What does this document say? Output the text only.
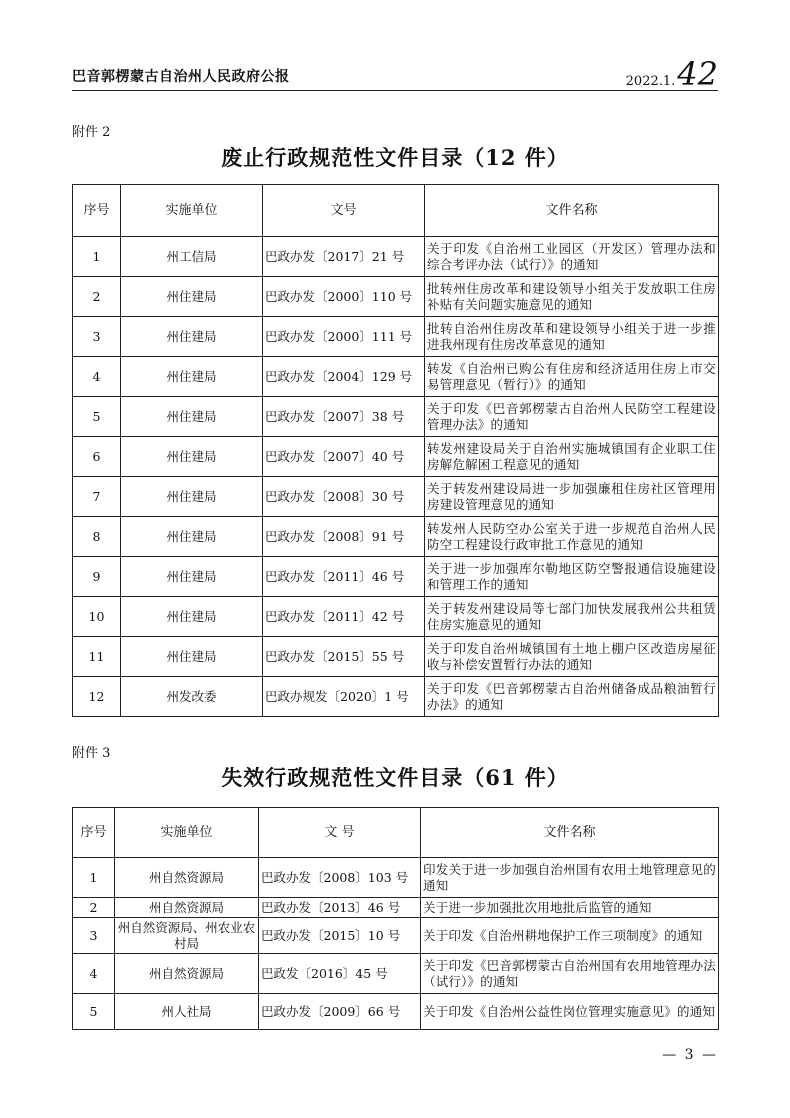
巴音郭楞蒙古自治州人民政府公报	2022.1.42
附件 2
废止行政规范性文件目录（12 件）
序号	实施单位	文号	文件名称
1	州工信局	巴政办发〔2017〕21 号	关于印发《自治州工业园区（开发区）管理办法和综合考评办法（试行）》的通知
2	州住建局	巴政办发〔2000〕110 号	批转州住房改革和建设领导小组关于发放职工住房补贴有关问题实施意见的通知
3	州住建局	巴政办发〔2000〕111 号	批转自治州住房改革和建设领导小组关于进一步推进我州现有住房改革意见的通知
4	州住建局	巴政办发〔2004〕129 号	转发《自治州已购公有住房和经济适用住房上市交易管理意见（暂行）》的通知
5	州住建局	巴政办发〔2007〕38 号	关于印发《巴音郭楞蒙古自治州人民防空工程建设管理办法》的通知
6	州住建局	巴政办发〔2007〕40 号	转发州建设局关于自治州实施城镇国有企业职工住房解危解困工程意见的通知
7	州住建局	巴政办发〔2008〕30 号	关于转发州建设局进一步加强廉租住房社区管理用房建设管理意见的通知
8	州住建局	巴政办发〔2008〕91 号	转发州人民防空办公室关于进一步规范自治州人民防空工程建设行政审批工作意见的通知
9	州住建局	巴政办发〔2011〕46 号	关于进一步加强库尔勒地区防空警报通信设施建设和管理工作的通知
10	州住建局	巴政办发〔2011〕42 号	关于转发州建设局等七部门加快发展我州公共租赁住房实施意见的通知
11	州住建局	巴政办发〔2015〕55 号	关于印发自治州城镇国有土地上棚户区改造房屋征收与补偿安置暂行办法的通知
12	州发改委	巴政办规发〔2020〕1 号	关于印发《巴音郭楞蒙古自治州储备成品粮油暂行办法》的通知
附件 3
失效行政规范性文件目录（61 件）
序号	实施单位	文 号	文件名称
1	州自然资源局	巴政办发〔2008〕103 号	印发关于进一步加强自治州国有农用土地管理意见的通知
2	州自然资源局	巴政办发〔2013〕46 号	关于进一步加强批次用地批后监管的通知
3	州自然资源局、州农业农村局	巴政办发〔2015〕10 号	关于印发《自治州耕地保护工作三项制度》的通知
4	州自然资源局	巴政发〔2016〕45 号	关于印发《巴音郭楞蒙古自治州国有农用地管理办法（试行）》的通知
5	州人社局	巴政办发〔2009〕66 号	关于印发《自治州公益性岗位管理实施意见》的通知
— 3 —
